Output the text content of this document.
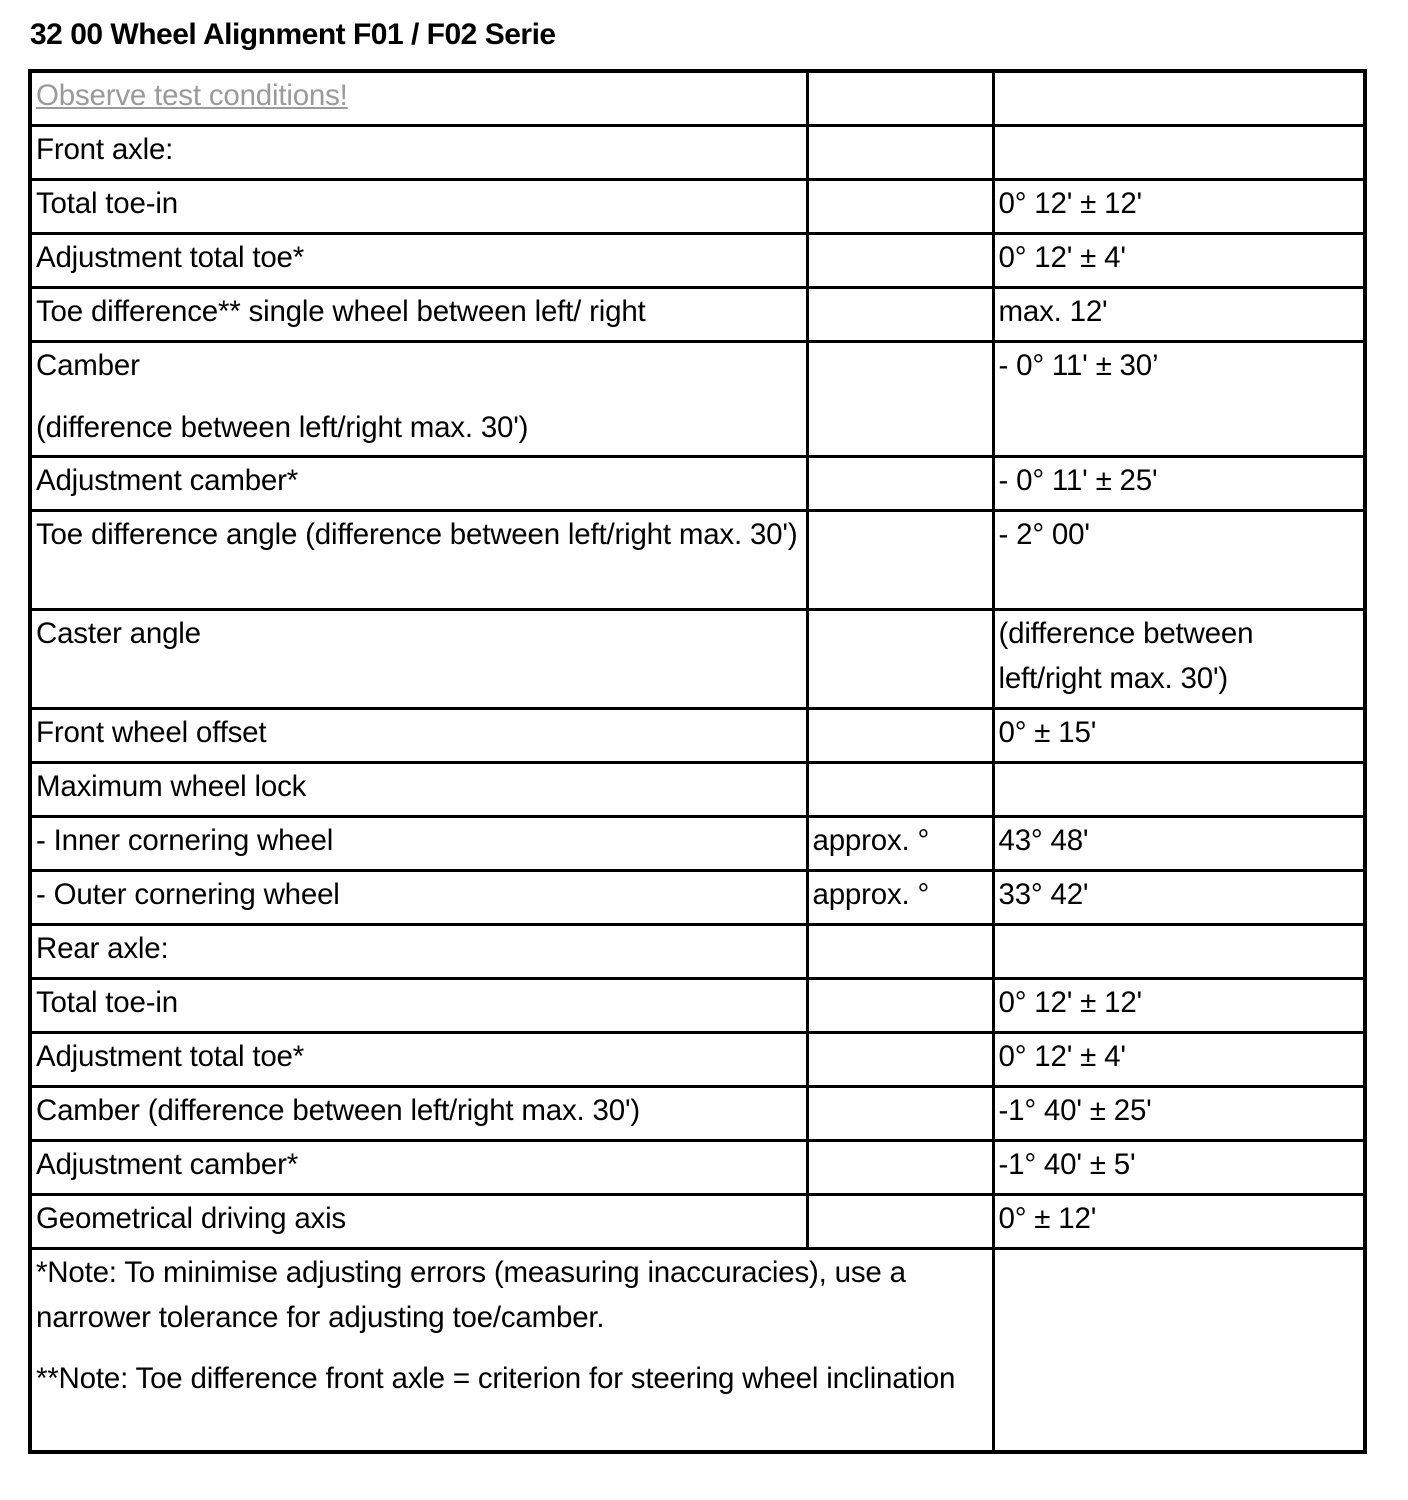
32 00 Wheel Alignment F01 / F02 Serie
Observe test conditions!		
Front axle:		
Total toe-in		0° 12' ± 12'
Adjustment total toe*		0° 12' ± 4'
Toe difference** single wheel between left/ right		max. 12'

Camber
(difference between left/right max. 30')		- 0° 11' ± 30’
Adjustment camber*		- 0° 11' ± 25'
Toe difference angle (difference between left/right max. 30')		- 2° 00'
Caster angle		(difference between left/right max. 30')
Front wheel offset		0° ± 15'
Maximum wheel lock		
- Inner cornering wheel	approx. °	43° 48'
- Outer cornering wheel	approx. °	33° 42'
Rear axle:		
Total toe-in		0° 12' ± 12'
Adjustment total toe*		0° 12' ± 4'
Camber (difference between left/right max. 30')		-1° 40' ± 25'
Adjustment camber*		-1° 40' ± 5'
Geometrical driving axis		0° ± 12'

*Note: To minimise adjusting errors (measuring inaccuracies), use a narrower tolerance for adjusting toe/camber.
**Note: Toe difference front axle = criterion for steering wheel inclination		
